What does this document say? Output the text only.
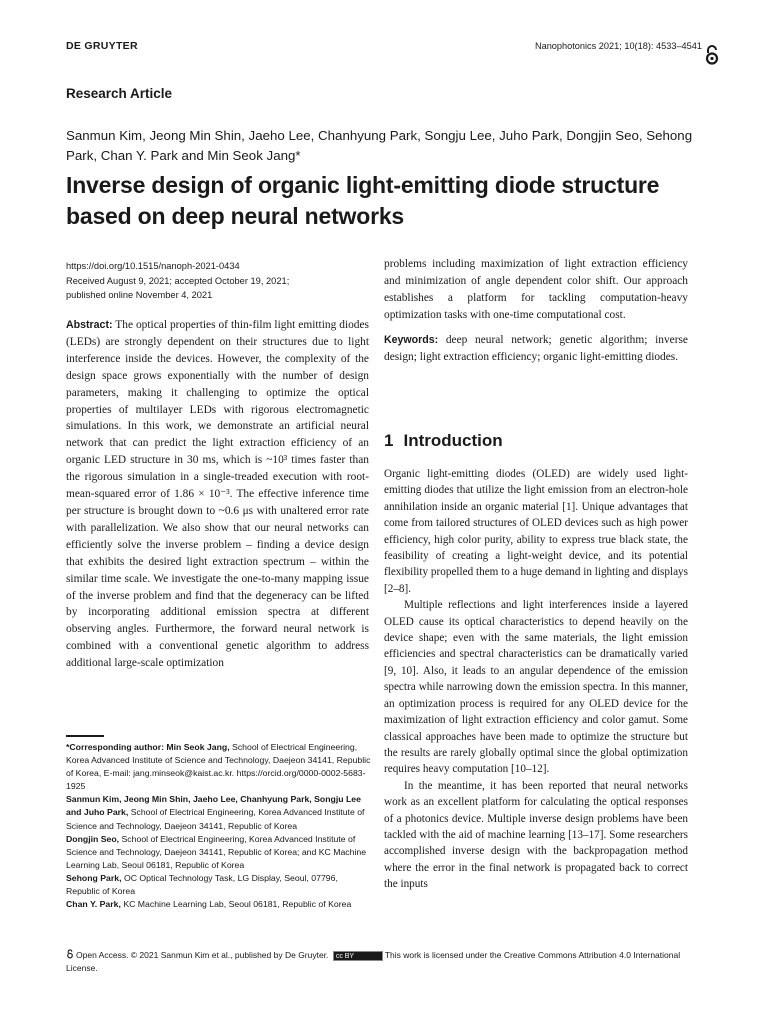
DE GRUYTER	Nanophotonics 2021; 10(18): 4533–4541
Research Article
Sanmun Kim, Jeong Min Shin, Jaeho Lee, Chanhyung Park, Songju Lee, Juho Park, Dongjin Seo, Sehong Park, Chan Y. Park and Min Seok Jang*
Inverse design of organic light-emitting diode structure based on deep neural networks
https://doi.org/10.1515/nanoph-2021-0434
Received August 9, 2021; accepted October 19, 2021;
published online November 4, 2021
Abstract: The optical properties of thin-film light emitting diodes (LEDs) are strongly dependent on their structures due to light interference inside the devices. However, the complexity of the design space grows exponentially with the number of design parameters, making it challenging to optimize the optical properties of multilayer LEDs with rigorous electromagnetic simulations. In this work, we demonstrate an artificial neural network that can predict the light extraction efficiency of an organic LED structure in 30 ms, which is ~10³ times faster than the rigorous simulation in a single-treaded execution with root-mean-squared error of 1.86 × 10⁻³. The effective inference time per structure is brought down to ~0.6 μs with unaltered error rate with parallelization. We also show that our neural networks can efficiently solve the inverse problem – finding a device design that exhibits the desired light extraction spectrum – within the similar time scale. We investigate the one-to-many mapping issue of the inverse problem and find that the degeneracy can be lifted by incorporating additional emission spectra at different observing angles. Furthermore, the forward neural network is combined with a conventional genetic algorithm to address additional large-scale optimization

*Corresponding author: Min Seok Jang, School of Electrical Engineering, Korea Advanced Institute of Science and Technology, Daejeon 34141, Republic of Korea, E-mail: jang.minseok@kaist.ac.kr. https://orcid.org/0000-0002-5683-1925

Sanmun Kim, Jeong Min Shin, Jaeho Lee, Chanhyung Park, Songju Lee and Juho Park, School of Electrical Engineering, Korea Advanced Institute of Science and Technology, Daejeon 34141, Republic of Korea

Dongjin Seo, School of Electrical Engineering, Korea Advanced Institute of Science and Technology, Daejeon 34141, Republic of Korea; and KC Machine Learning Lab, Seoul 06181, Republic of Korea

Sehong Park, OC Optical Technology Task, LG Display, Seoul, 07796, Republic of Korea

Chan Y. Park, KC Machine Learning Lab, Seoul 06181, Republic of Korea

problems including maximization of light extraction efficiency and minimization of angle dependent color shift. Our approach establishes a platform for tackling computation-heavy optimization tasks with one-time computational cost.
Keywords: deep neural network; genetic algorithm; inverse design; light extraction efficiency; organic light-emitting diodes.
1 Introduction

Organic light-emitting diodes (OLED) are widely used light-emitting diodes that utilize the light emission from an electron-hole annihilation inside an organic material [1]. Unique advantages that come from tailored structures of OLED devices such as high power efficiency, high color purity, ability to express true black state, the feasibility of creating a light-weight device, and its potential flexibility propelled them to a huge demand in lighting and displays [2–8].

Multiple reflections and light interferences inside a layered OLED cause its optical characteristics to depend heavily on the device shape; even with the same materials, the light emission efficiencies and spectral characteristics can be dramatically varied [9, 10]. Also, it leads to an angular dependence of the emission spectra while narrowing down the emission spectra. In this manner, an optimization process is required for any OLED device for the maximization of light extraction efficiency and color gamut. Some classical approaches have been made to optimize the structure but the results are rarely globally optimal since the global optimization requires heavy computation [10–12].

In the meantime, it has been reported that neural networks work as an excellent platform for calculating the optical responses of a photonics device. Multiple inverse design problems have been tackled with the aid of machine learning [13–17]. Some researchers accomplished inverse design with the backpropagation method where the error in the final network is propagated back to correct the inputs

Open Access. © 2021 Sanmun Kim et al., published by De Gruyter. cc BY	This work is licensed under the Creative Commons Attribution 4.0 International License.
